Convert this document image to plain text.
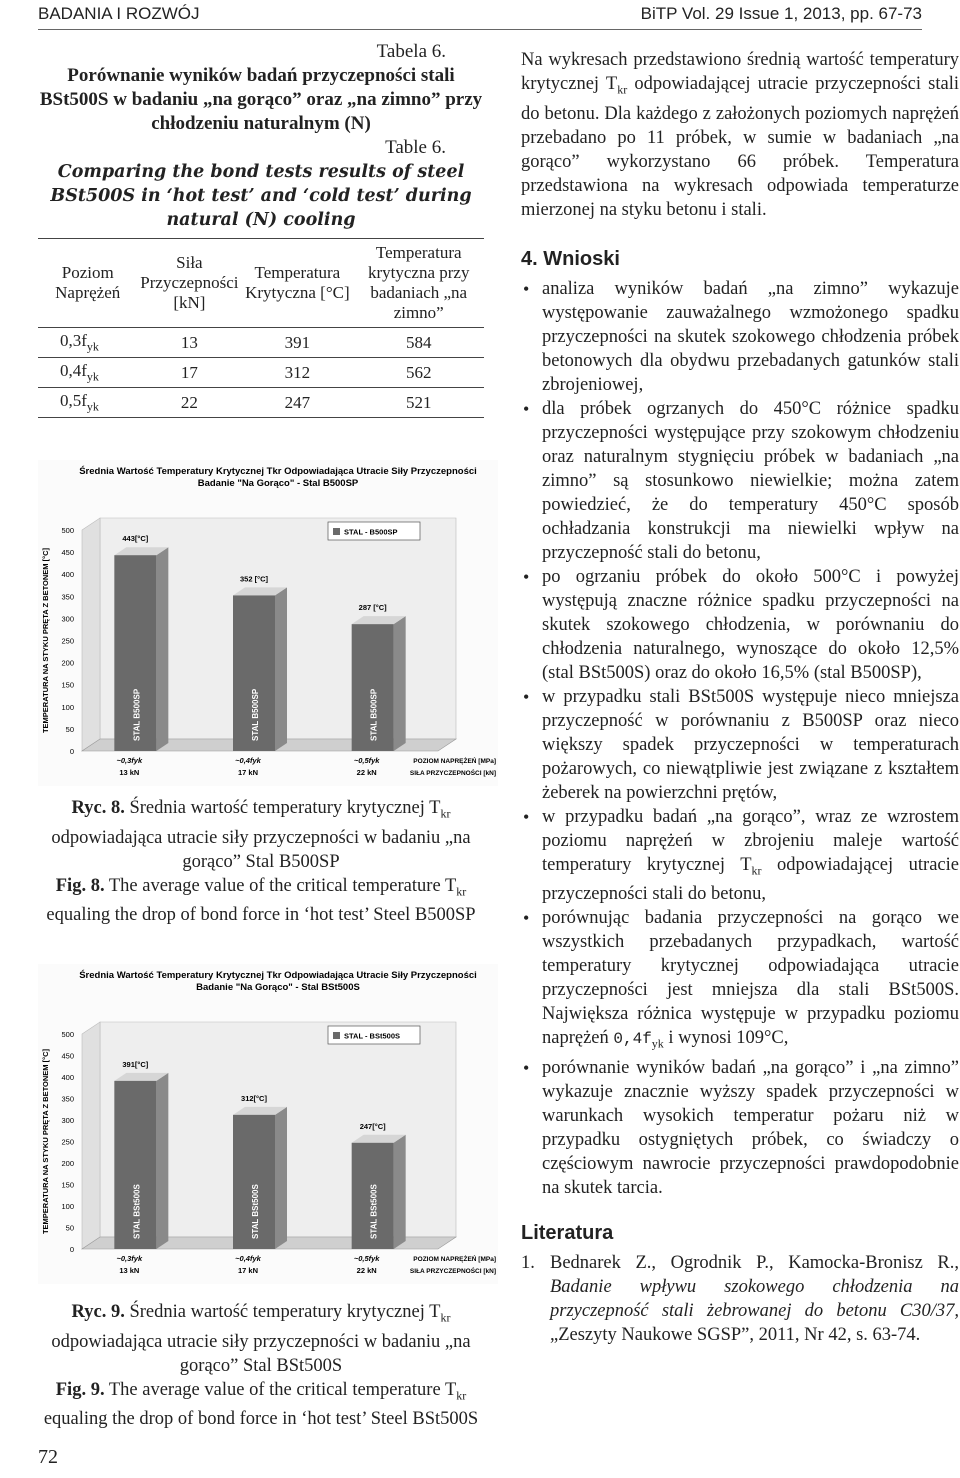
BADANIA I ROZWÓJ	BiTP Vol. 29 Issue 1, 2013, pp. 67-73
Tabela 6.
Porównanie wyników badań przyczepności stali BSt500S w badaniu „na gorąco” oraz „na zimno” przy chłodzeniu naturalnym (N)
Table 6.
Comparing the bond tests results of steel BSt500S in ‘hot test’ and ‘cold test’ during natural (N) cooling
Poziom Naprężeń	Siła Przyczepności [kN]	Temperatura Krytyczna [°C]	Temperatura krytyczna przy badaniach „na zimno”
$0,3f_{yk}$	13	391	584
$0,4f_{yk}$	17	312	562
$0,5f_{yk}$	22	247	521
Średnia Wartość Temperatury Krytycznej Tkr Odpowiadająca Utracie Siły Przyczepności
Badanie "Na Gorąco" - Stal B500SP
TEMPERATURA NA STYKU PRĘTA Z BETONEM [°C]
0
50
100
150
200
250
300
350
400
450
500
STAL B500SP
443[°C]
~0,3fyk
13 kN
STAL B500SP
352 [°C]
~0,4fyk
17 kN
STAL B500SP
287 [°C]
~0,5fyk
22 kN
POZIOM NAPRĘŻEŃ [MPa]
SIŁA PRZYCZEPNOŚCI [kN]
STAL - B500SP
Ryc. 8. Średnia wartość temperatury krytycznej $T_{kr}$ odpowiadająca utracie siły przyczepności w badaniu „na gorąco” Stal B500SP
Fig. 8. The average value of the critical temperature $T_{kr}$ equaling the drop of bond force in ‘hot test’ Steel B500SP
Średnia Wartość Temperatury Krytycznej Tkr Odpowiadająca Utracie Siły Przyczepności
Badanie "Na Gorąco" - Stal BSt500S
TEMPERATURA NA STYKU PRĘTA Z BETONEM [°C]
0
50
100
150
200
250
300
350
400
450
500
STAL BSt500S
391[°C]
~0,3fyk
13 kN
STAL BSt500S
312[°C]
~0,4fyk
17 kN
STAL BSt500S
247[°C]
~0,5fyk
22 kN
POZIOM NAPRĘŻEŃ [MPa]
SIŁA PRZYCZEPNOŚCI [kN]
STAL - BSt500S
Ryc. 9. Średnia wartość temperatury krytycznej $T_{kr}$ odpowiadająca utracie siły przyczepności w badaniu „na gorąco” Stal BSt500S
Fig. 9. The average value of the critical temperature $T_{kr}$ equaling the drop of bond force in ‘hot test’ Steel BSt500S
72

Na wykresach przedstawiono średnią wartość temperatury krytycznej $T_{kr}$ odpowiadającej utracie przyczepności stali do betonu. Dla każdego z założonych poziomych naprężeń przebadano po 11 próbek, w sumie w badaniach „na gorąco” wykorzystano 66 próbek. Temperatura przedstawiona na wykresach odpowiada temperaturze mierzonej na styku betonu i stali.

4. Wnioski
• analiza wyników badań „na zimno” wykazuje występowanie zauważalnego wzmożonego spadku przyczepności na skutek szokowego chłodzenia próbek betonowych dla obydwu przebadanych gatunków stali zbrojeniowej,
• dla próbek ogrzanych do 450°C różnice spadku przyczepności występujące przy szokowym chłodzeniu oraz naturalnym stygnięciu próbek w badaniach „na zimno” są stosunkowo niewielkie; można zatem powiedzieć, że do temperatury 450°C sposób ochładzania konstrukcji ma niewielki wpływ na przyczepność stali do betonu,
• po ogrzaniu próbek do około 500°C i powyżej występują znaczne różnice spadku przyczepności na skutek szokowego chłodzenia, w porównaniu do chłodzenia naturalnego, wynoszące do około 12,5% (stal BSt500S) oraz do około 16,5% (stal B500SP),
• w przypadku stali BSt500S występuje nieco mniejsza przyczepność w porównaniu z B500SP oraz nieco większy spadek przyczepności w temperaturach pożarowych, co niewątpliwie jest związane z kształtem żeberek na powierzchni prętów,
• w przypadku badań „na gorąco”, wraz ze wzrostem poziomu naprężeń w zbrojeniu maleje wartość temperatury krytycznej $T_{kr}$ odpowiadającej utracie przyczepności stali do betonu,
• porównując badania przyczepności na gorąco we wszystkich przebadanych przypadkach, wartość temperatury krytycznej odpowiadająca utracie przyczepności jest mniejsza dla stali BSt500S. Największa różnica występuje w przypadku poziomu naprężeń $0,4f_{yk}$ i wynosi 109°C,
• porównanie wyników badań „na gorąco” i „na zimno” wykazuje znacznie wyższy spadek przyczepności w warunkach wysokich temperatur pożaru niż w przypadku ostygniętych próbek, co świadczy o częściowym nawrocie przyczepności prawdopodobnie na skutek tarcia.
Literatura
1. Bednarek Z., Ogrodnik P., Kamocka-Bronisz R., Badanie wpływu szokowego chłodzenia na przyczepność stali żebrowanej do betonu C30/37, „Zeszyty Naukowe SGSP”, 2011, Nr 42, s. 63-74.
